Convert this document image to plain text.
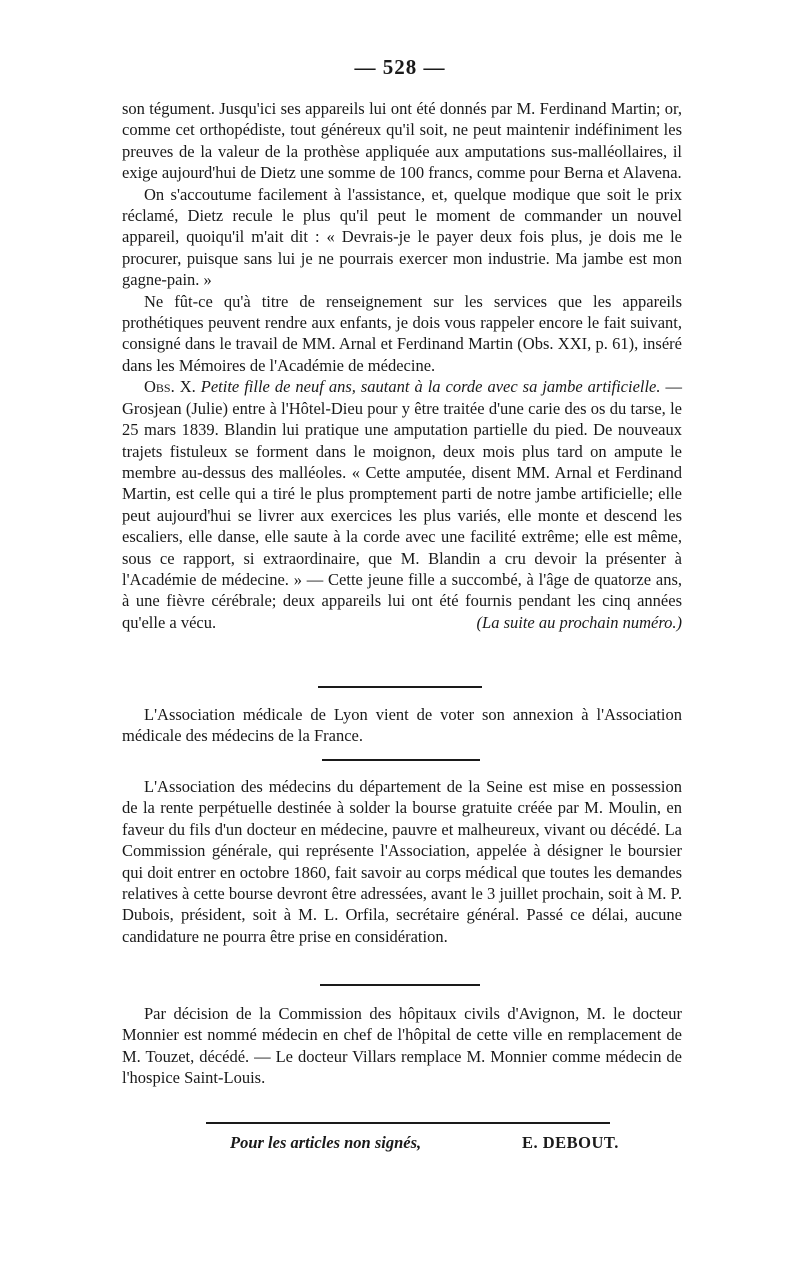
— 528 —

son tégument. Jusqu'ici ses appareils lui ont été donnés par M. Ferdinand Martin; or, comme cet orthopédiste, tout généreux qu'il soit, ne peut maintenir indéfiniment les preuves de la valeur de la prothèse appliquée aux amputations sus-malléollaires, il exige aujourd'hui de Dietz une somme de 100 francs, comme pour Berna et Alavena.

On s'accoutume facilement à l'assistance, et, quelque modique que soit le prix réclamé, Dietz recule le plus qu'il peut le moment de commander un nouvel appareil, quoiqu'il m'ait dit : « Devrais-je le payer deux fois plus, je dois me le procurer, puisque sans lui je ne pourrais exercer mon industrie. Ma jambe est mon gagne-pain. »

Ne fût-ce qu'à titre de renseignement sur les services que les appareils prothétiques peuvent rendre aux enfants, je dois vous rappeler encore le fait suivant, consigné dans le travail de MM. Arnal et Ferdinand Martin (Obs. XXI, p. 61), inséré dans les Mémoires de l'Académie de médecine.

Obs. X. Petite fille de neuf ans, sautant à la corde avec sa jambe artificielle. — Grosjean (Julie) entre à l'Hôtel-Dieu pour y être traitée d'une carie des os du tarse, le 25 mars 1839. Blandin lui pratique une amputation partielle du pied. De nouveaux trajets fistuleux se forment dans le moignon, deux mois plus tard on ampute le membre au-dessus des malléoles. « Cette amputée, disent MM. Arnal et Ferdinand Martin, est celle qui a tiré le plus promptement parti de notre jambe artificielle; elle peut aujourd'hui se livrer aux exercices les plus variés, elle monte et descend les escaliers, elle danse, elle saute à la corde avec une facilité extrême; elle est même, sous ce rapport, si extraordinaire, que M. Blandin a cru devoir la présenter à l'Académie de médecine. » — Cette jeune fille a succombé, à l'âge de quatorze ans, à une fièvre cérébrale; deux appareils lui ont été fournis pendant les cinq années qu'elle a vécu.	(La suite au prochain numéro.)

L'Association médicale de Lyon vient de voter son annexion à l'Association médicale des médecins de la France.

L'Association des médecins du département de la Seine est mise en possession de la rente perpétuelle destinée à solder la bourse gratuite créée par M. Moulin, en faveur du fils d'un docteur en médecine, pauvre et malheureux, vivant ou décédé. La Commission générale, qui représente l'Association, appelée à désigner le boursier qui doit entrer en octobre 1860, fait savoir au corps médical que toutes les demandes relatives à cette bourse devront être adressées, avant le 3 juillet prochain, soit à M. P. Dubois, président, soit à M. L. Orfila, secrétaire général. Passé ce délai, aucune candidature ne pourra être prise en considération.

Par décision de la Commission des hôpitaux civils d'Avignon, M. le docteur Monnier est nommé médecin en chef de l'hôpital de cette ville en remplacement de M. Touzet, décédé. — Le docteur Villars remplace M. Monnier comme médecin de l'hospice Saint-Louis.

Pour les articles non signés,	E. DEBOUT.
